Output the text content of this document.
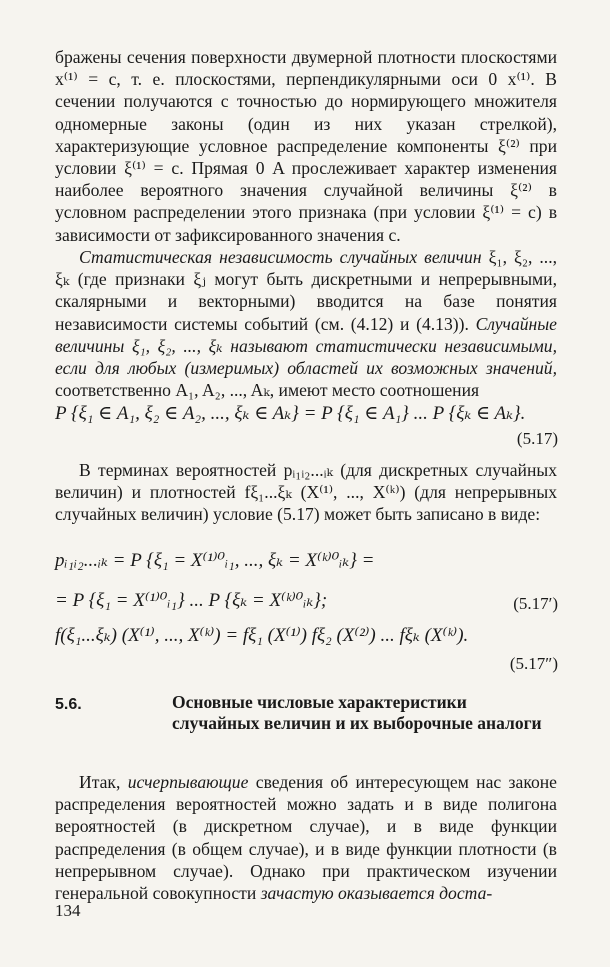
бражены сечения поверхности двумерной плотности плоскостями x⁽¹⁾ = c, т. е. плоскостями, перпендикулярными оси 0 x⁽¹⁾. В сечении получаются с точностью до нормирующего множителя одномерные законы (один из них указан стрелкой), характеризующие условное распределение компоненты ξ⁽²⁾ при условии ξ⁽¹⁾ = c. Прямая 0 A прослеживает характер изменения наиболее вероятного значения случайной величины ξ⁽²⁾ в условном распределении этого признака (при условии ξ⁽¹⁾ = c) в зависимости от зафиксированного значения c.

Статистическая независимость случайных величин ξ₁, ξ₂, ..., ξₖ (где признаки ξⱼ могут быть дискретными и непрерывными, скалярными и векторными) вводится на базе понятия независимости системы событий (см. (4.12) и (4.13)). Случайные величины ξ₁, ξ₂, ..., ξₖ называют статистически независимыми, если для любых (измеримых) областей их возможных значений, соответственно A₁, A₂, ..., Aₖ, имеют место соотношения

P {ξ₁ ∈ A₁, ξ₂ ∈ A₂, ..., ξₖ ∈ Aₖ} = P {ξ₁ ∈ A₁} ... P {ξₖ ∈ Aₖ}.
(5.17)

В терминах вероятностей pᵢ₁ᵢ₂...ᵢₖ (для дискретных случайных величин) и плотностей fξ₁...ξₖ (X⁽¹⁾, ..., X⁽ᵏ⁾) (для непрерывных случайных величин) условие (5.17) может быть записано в виде:

pᵢ₁ᵢ₂...ᵢₖ = P {ξ₁ = X⁽¹⁾⁰ᵢ₁, ..., ξₖ = X⁽ᵏ⁾⁰ᵢₖ} =
= P {ξ₁ = X⁽¹⁾⁰ᵢ₁} ... P {ξₖ = X⁽ᵏ⁾⁰ᵢₖ};	(5.17′)
f(ξ₁...ξₖ) (X⁽¹⁾, ..., X⁽ᵏ⁾) = fξ₁ (X⁽¹⁾) fξ₂ (X⁽²⁾) ... fξₖ (X⁽ᵏ⁾).
(5.17″)
5.6.	Основные числовые характеристики случайных величин и их выборочные аналоги

Итак, исчерпывающие сведения об интересующем нас законе распределения вероятностей можно задать и в виде полигона вероятностей (в дискретном случае), и в виде функции распределения (в общем случае), и в виде функции плотности (в непрерывном случае). Однако при практическом изучении генеральной совокупности зачастую оказывается доста-

134
